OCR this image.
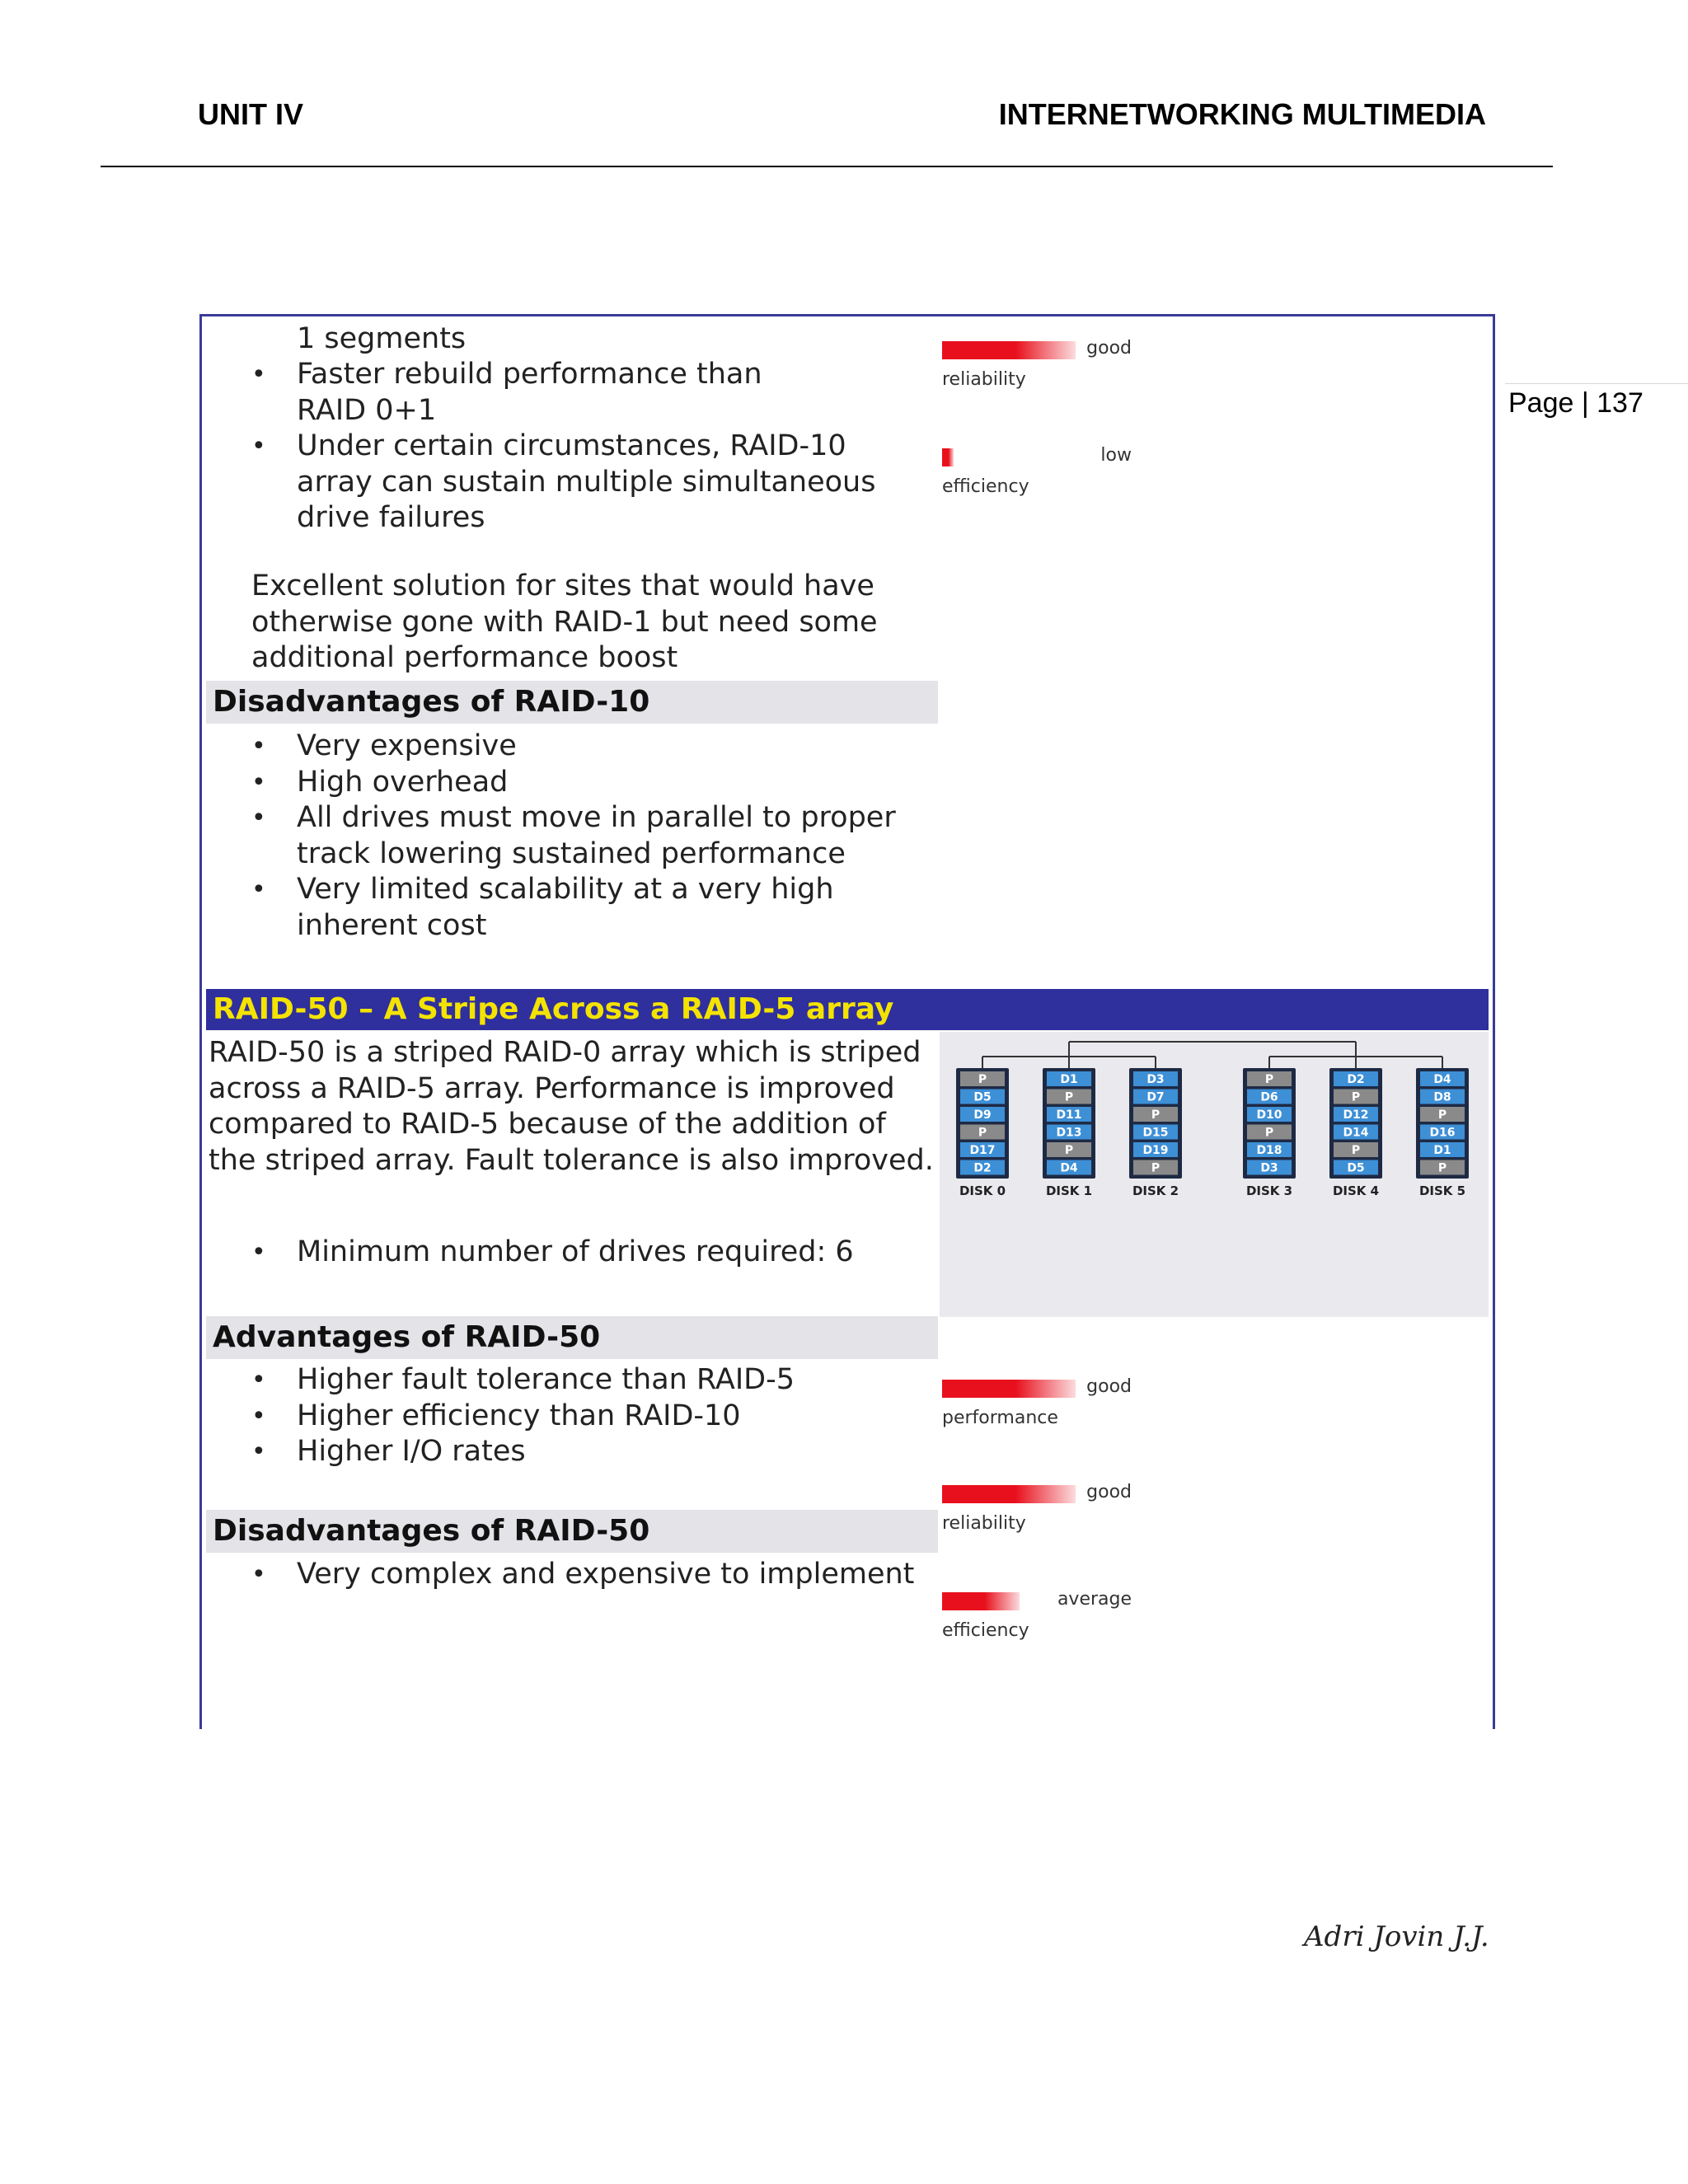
UNIT IV	INTERNETWORKING MULTIMEDIA
Page | 137
1 segments
• Faster rebuild performance than RAID 0+1
• Under certain circumstances, RAID-10 array can sustain multiple simultaneous drive failures
Excellent solution for sites that would have otherwise gone with RAID-1 but need some additional performance boost
Disadvantages of RAID-10
• Very expensive
• High overhead
• All drives must move in parallel to proper track lowering sustained performance
• Very limited scalability at a very high inherent cost
good
reliability
low
efficiency
RAID-50 – A Stripe Across a RAID-5 array
RAID-50 is a striped RAID-0 array which is striped across a RAID-5 array. Performance is improved compared to RAID-5 because of the addition of the striped array. Fault tolerance is also improved.
• Minimum number of drives required: 6
P
D5
D9
P
D17
D2
DISK 0
D1
P
D11
D13
P
D4
DISK 1
D3
D7
P
D15
D19
P
DISK 2
P
D6
D10
P
D18
D3
DISK 3
D2
P
D12
D14
P
D5
DISK 4
D4
D8
P
D16
D1
P
DISK 5
Advantages of RAID-50
• Higher fault tolerance than RAID-5
• Higher efficiency than RAID-10
• Higher I/O rates
Disadvantages of RAID-50
• Very complex and expensive to implement
good
performance
good
reliability
average
efficiency
Adri Jovin J.J.
